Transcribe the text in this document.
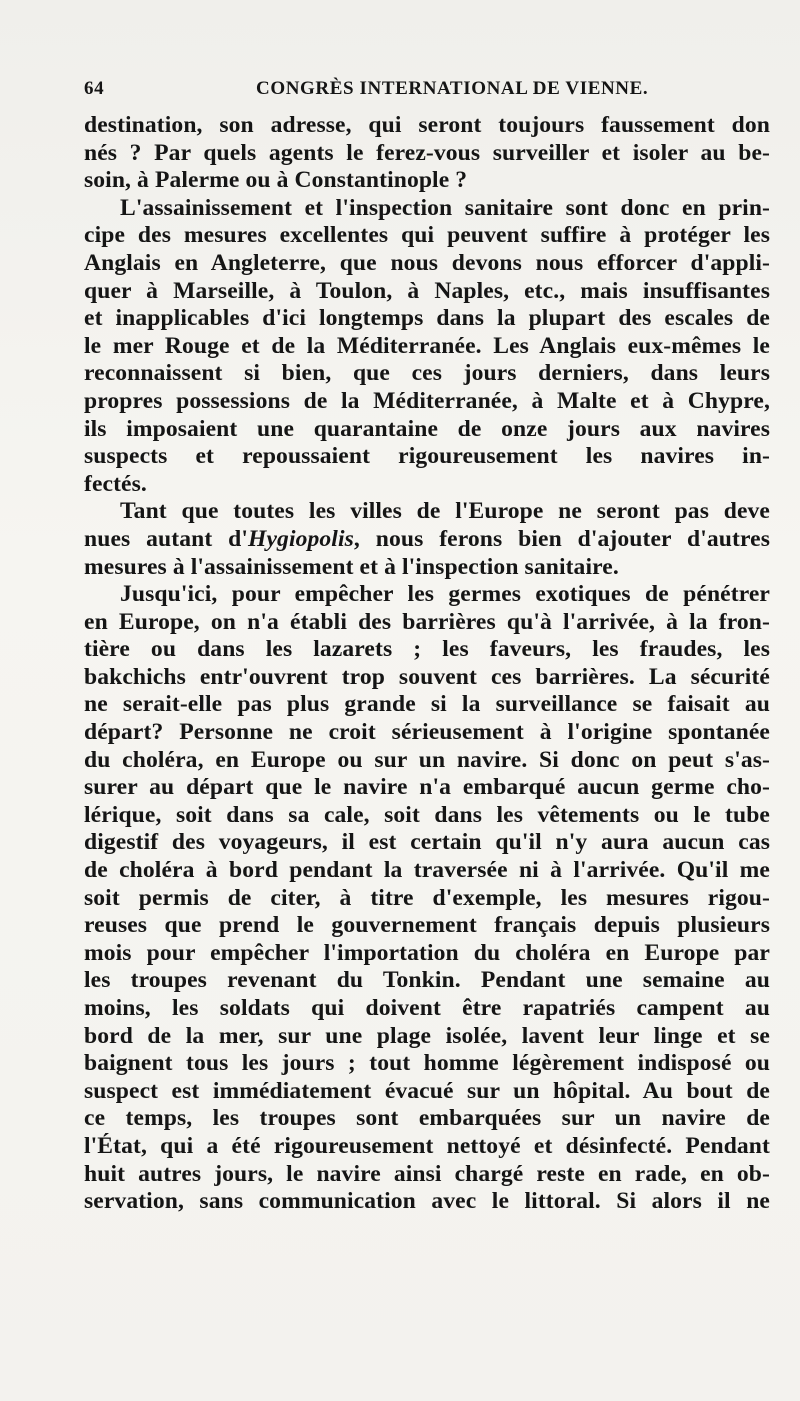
64	CONGRÈS INTERNATIONAL DE VIENNE.
destination, son adresse, qui seront toujours faussement don
nés ? Par quels agents le ferez-vous surveiller et isoler au be-
soin, à Palerme ou à Constantinople ?
L'assainissement et l'inspection sanitaire sont donc en prin-
cipe des mesures excellentes qui peuvent suffire à protéger les
Anglais en Angleterre, que nous devons nous efforcer d'appli-
quer à Marseille, à Toulon, à Naples, etc., mais insuffisantes
et inapplicables d'ici longtemps dans la plupart des escales de
le mer Rouge et de la Méditerranée. Les Anglais eux-mêmes le
reconnaissent si bien, que ces jours derniers, dans leurs
propres possessions de la Méditerranée, à Malte et à Chypre,
ils imposaient une quarantaine de onze jours aux navires
suspects et repoussaient rigoureusement les navires in-
fectés.
Tant que toutes les villes de l'Europe ne seront pas deve
nues autant d'Hygiopolis, nous ferons bien d'ajouter d'autres
mesures à l'assainissement et à l'inspection sanitaire.
Jusqu'ici, pour empêcher les germes exotiques de pénétrer
en Europe, on n'a établi des barrières qu'à l'arrivée, à la fron-
tière ou dans les lazarets ; les faveurs, les fraudes, les
bakchichs entr'ouvrent trop souvent ces barrières. La sécurité
ne serait-elle pas plus grande si la surveillance se faisait au
départ? Personne ne croit sérieusement à l'origine spontanée
du choléra, en Europe ou sur un navire. Si donc on peut s'as-
surer au départ que le navire n'a embarqué aucun germe cho-
lérique, soit dans sa cale, soit dans les vêtements ou le tube
digestif des voyageurs, il est certain qu'il n'y aura aucun cas
de choléra à bord pendant la traversée ni à l'arrivée. Qu'il me
soit permis de citer, à titre d'exemple, les mesures rigou-
reuses que prend le gouvernement français depuis plusieurs
mois pour empêcher l'importation du choléra en Europe par
les troupes revenant du Tonkin. Pendant une semaine au
moins, les soldats qui doivent être rapatriés campent au
bord de la mer, sur une plage isolée, lavent leur linge et se
baignent tous les jours ; tout homme légèrement indisposé ou
suspect est immédiatement évacué sur un hôpital. Au bout de
ce temps, les troupes sont embarquées sur un navire de
l'État, qui a été rigoureusement nettoyé et désinfecté. Pendant
huit autres jours, le navire ainsi chargé reste en rade, en ob-
servation, sans communication avec le littoral. Si alors il ne
